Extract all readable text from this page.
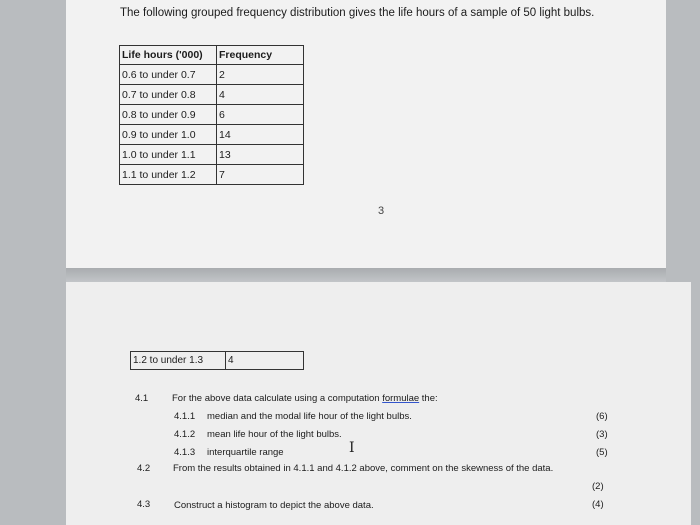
The following grouped frequency distribution gives the life hours of a sample of 50 light bulbs.
Life hours ('000)	Frequency
0.6 to under 0.7	2
0.7 to under 0.8	4
0.8 to under 0.9	6
0.9 to under 1.0	14
1.0 to under 1.1	13
1.1 to under 1.2	7
3
1.2 to under 1.3	4
4.1	For the above data calculate using a computation formulae the:
4.1.1 median and the modal life hour of the light bulbs.	(6)
4.1.2 mean life hour of the light bulbs.	(3)
4.1.3 interquartile range	(5)
I
4.2 From the results obtained in 4.1.1 and 4.1.2 above, comment on the skewness of the data.
(2)
4.3	Construct a histogram to depict the above data.	(4)
